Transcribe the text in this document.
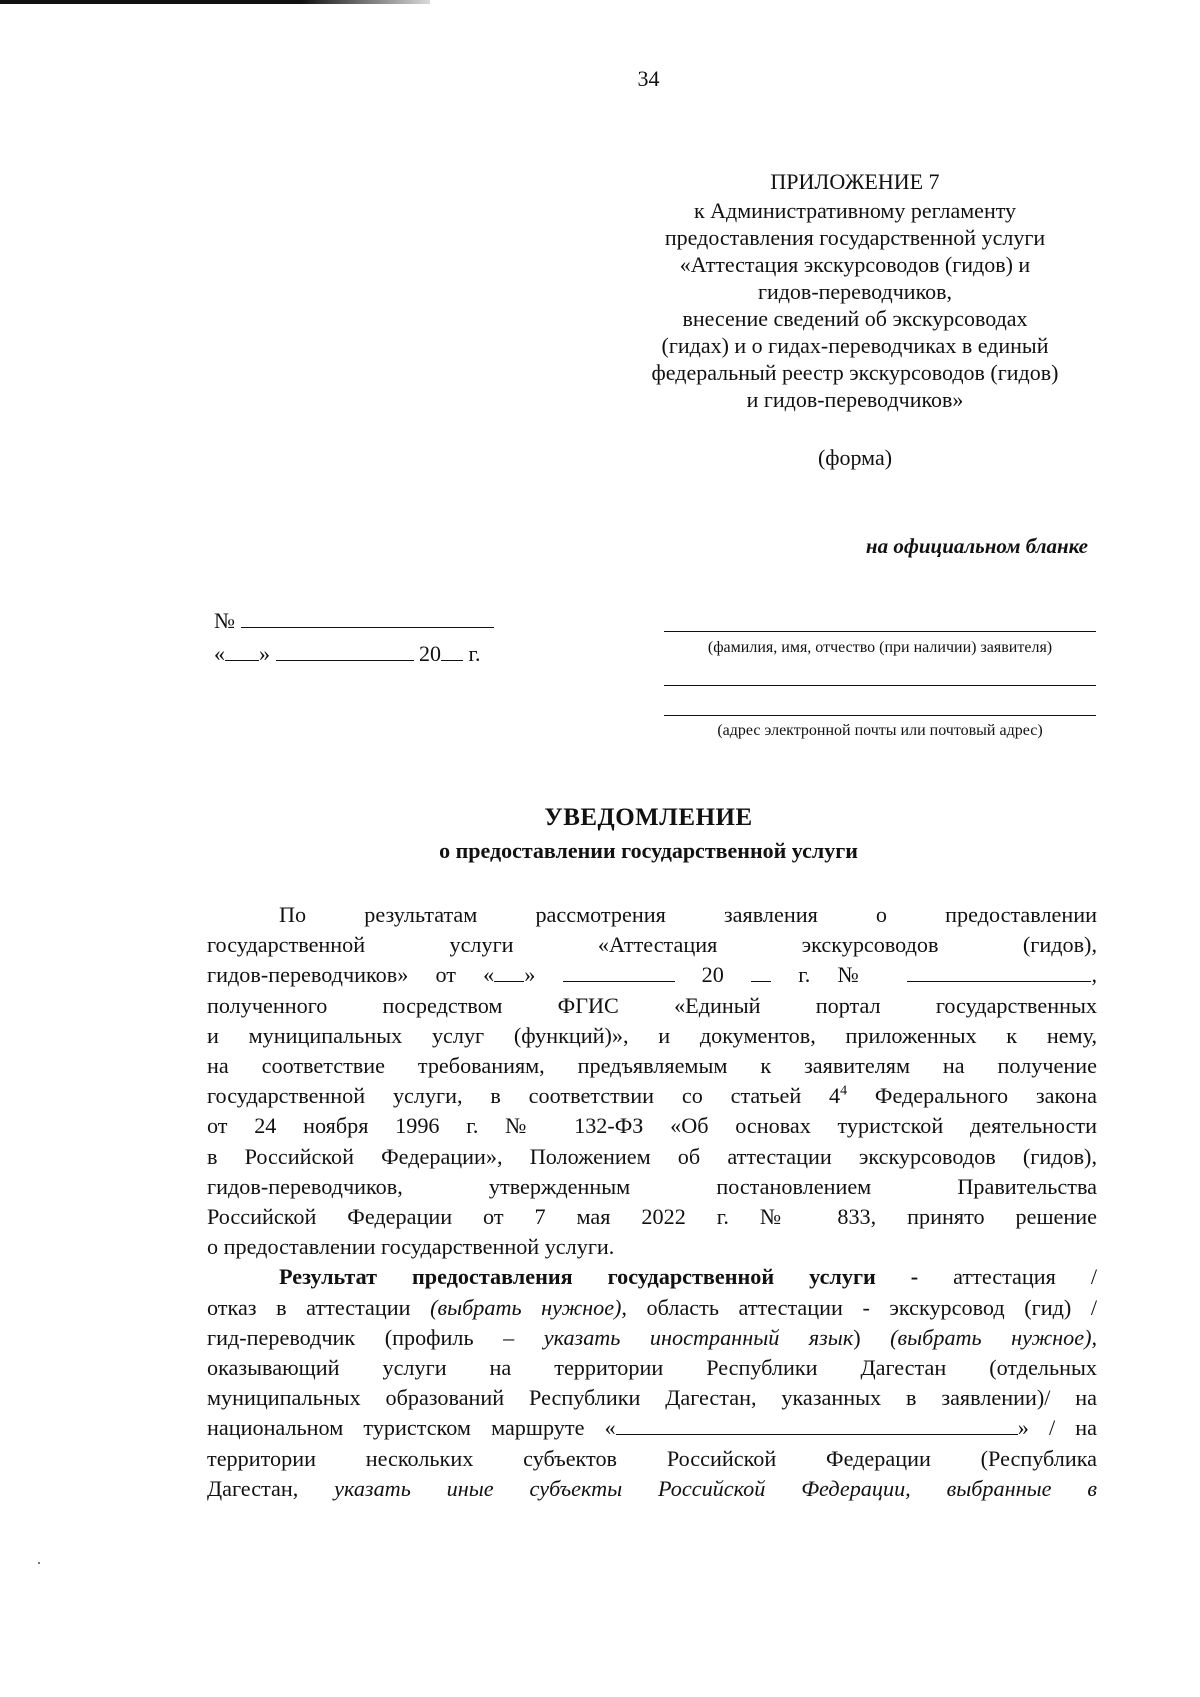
34
ПРИЛОЖЕНИЕ 7
к Административному регламенту
предоставления государственной услуги
«Аттестация экскурсоводов (гидов) и
гидов-переводчиков,
внесение сведений об экскурсоводах
(гидах) и о гидах-переводчиках в единый
федеральный реестр экскурсоводов (гидов)
и гидов-переводчиков»
(форма)
на официальном бланке
№
« »	20 г.	(фамилия, имя, отчество (при наличии) заявителя)
(адрес электронной почты или почтовый адрес)
УВЕДОМЛЕНИЕ
о предоставлении государственной услуги
По результатам рассмотрения заявления о предоставлении
государственной услуги «Аттестация экскурсоводов (гидов),
гидов-переводчиков» от « »	20	г. №	,
полученного посредством ФГИС «Единый портал государственных
и муниципальных услуг (функций)», и документов, приложенных к нему,
на соответствие требованиям, предъявляемым к заявителям на получение
государственной услуги, в соответствии со статьей $4^4$ Федерального закона
от 24 ноября 1996 г. № 132-ФЗ «Об основах туристской деятельности
в Российской Федерации», Положением об аттестации экскурсоводов (гидов),
гидов-переводчиков, утвержденным постановлением Правительства
Российской Федерации от 7 мая 2022 г. № 833, принято решение
о предоставлении государственной услуги.
Результат предоставления государственной услуги - аттестация /
отказ в аттестации (выбрать нужное), область аттестации - экскурсовод (гид) /
гид-переводчик (профиль – указать иностранный язык) (выбрать нужное),
оказывающий услуги на территории Республики Дагестан (отдельных
муниципальных образований Республики Дагестан, указанных в заявлении)/ на
национальном туристском маршруте «	» / на
территории нескольких субъектов Российской Федерации (Республика
Дагестан, указать иные субъекты Российской Федерации, выбранные в
